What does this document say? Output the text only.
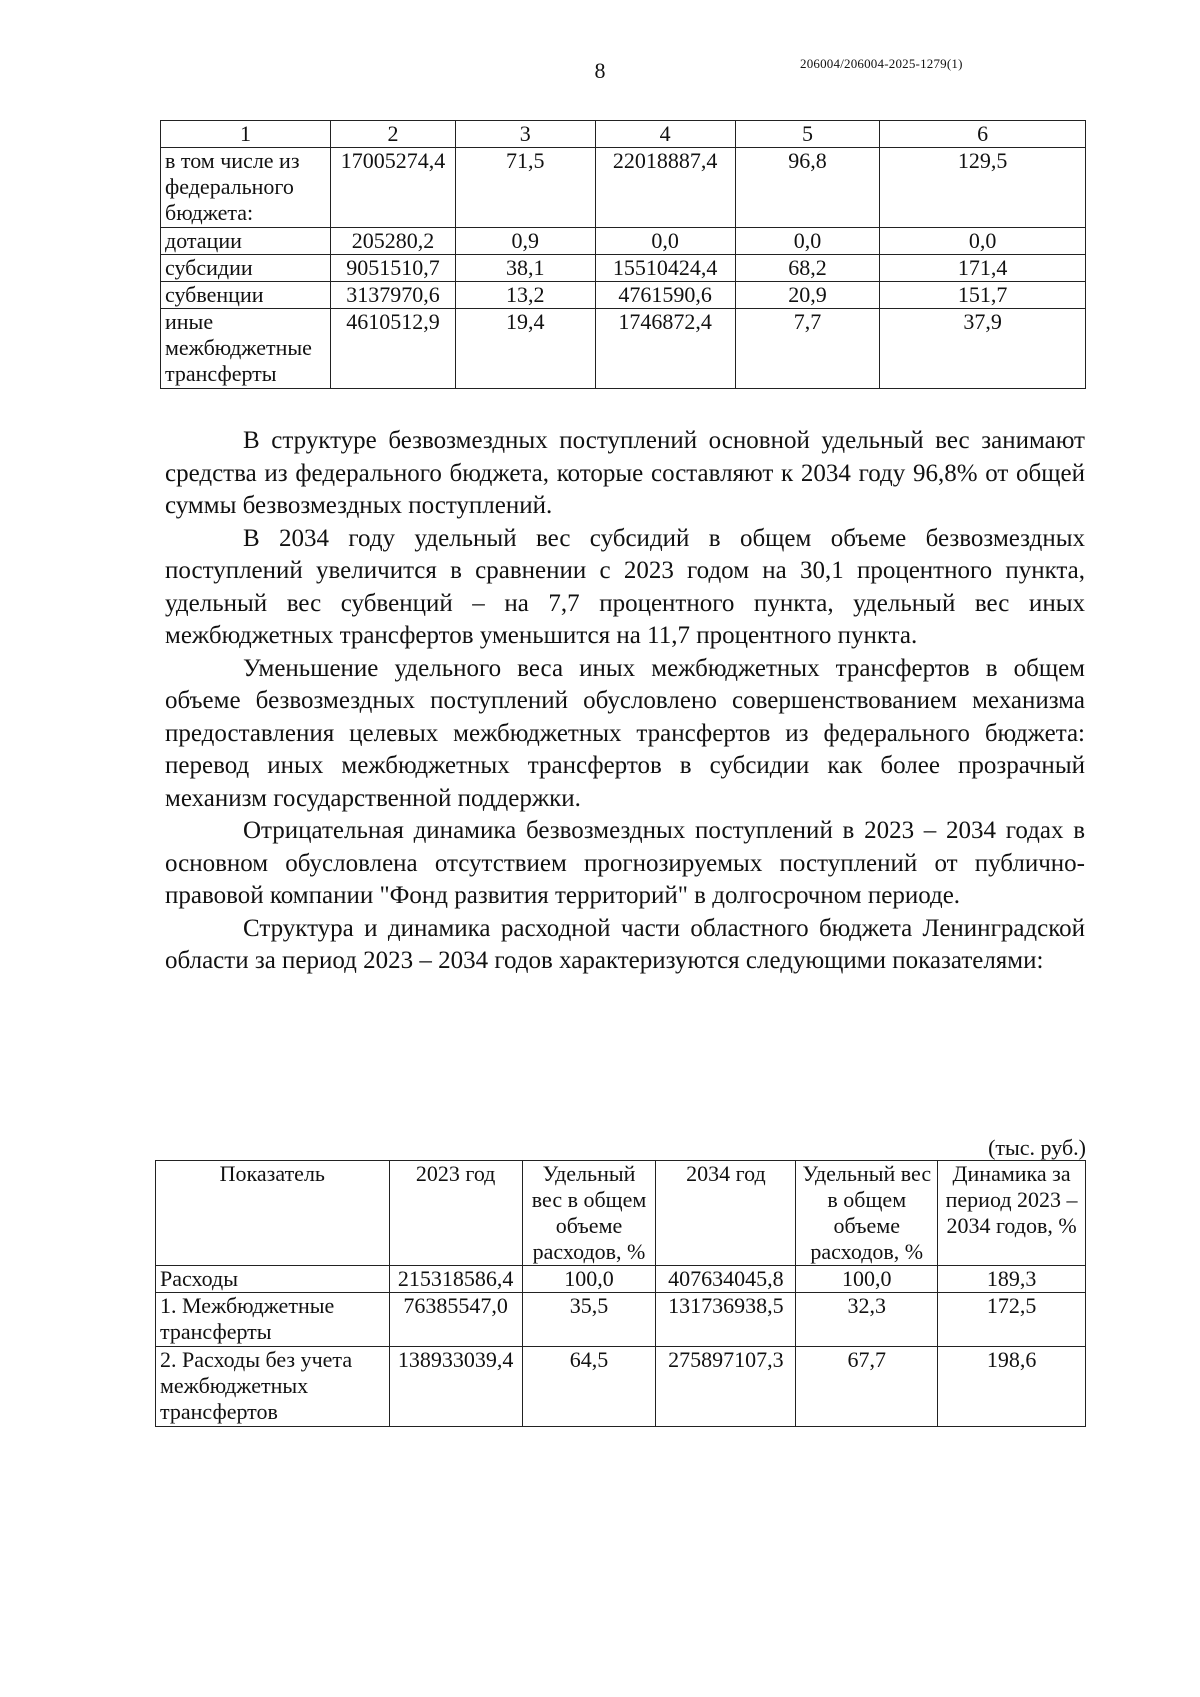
8	206004/206004-2025-1279(1)
1	2	3	4	5	6
в том числе из федерального бюджета:	17005274,4	71,5	22018887,4	96,8	129,5
дотации	205280,2	0,9	0,0	0,0	0,0
субсидии	9051510,7	38,1	15510424,4	68,2	171,4
субвенции	3137970,6	13,2	4761590,6	20,9	151,7
иные межбюджетные трансферты	4610512,9	19,4	1746872,4	7,7	37,9

В структуре безвозмездных поступлений основной удельный вес занимают средства из федерального бюджета, которые составляют к 2034 году 96,8% от общей суммы безвозмездных поступлений.

В 2034 году удельный вес субсидий в общем объеме безвозмездных поступлений увеличится в сравнении с 2023 годом на 30,1 процентного пункта, удельный вес субвенций – на 7,7 процентного пункта, удельный вес иных межбюджетных трансфертов уменьшится на 11,7 процентного пункта.

Уменьшение удельного веса иных межбюджетных трансфертов в общем объеме безвозмездных поступлений обусловлено совершенствованием механизма предоставления целевых межбюджетных трансфертов из федерального бюджета: перевод иных межбюджетных трансфертов в субсидии как более прозрачный механизм государственной поддержки.

Отрицательная динамика безвозмездных поступлений в 2023 – 2034 годах в основном обусловлена отсутствием прогнозируемых поступлений от публично-правовой компании "Фонд развития территорий" в долгосрочном периоде.

Структура и динамика расходной части областного бюджета Ленинградской области за период 2023 – 2034 годов характеризуются следующими показателями:

(тыс. руб.)
Показатель	2023 год	Удельный вес в общем объеме расходов, %	2034 год	Удельный вес в общем объеме расходов, %	Динамика за период 2023 – 2034 годов, %
Расходы	215318586,4	100,0	407634045,8	100,0	189,3
1. Межбюджетные трансферты	76385547,0	35,5	131736938,5	32,3	172,5
2. Расходы без учета межбюджетных трансфертов	138933039,4	64,5	275897107,3	67,7	198,6
